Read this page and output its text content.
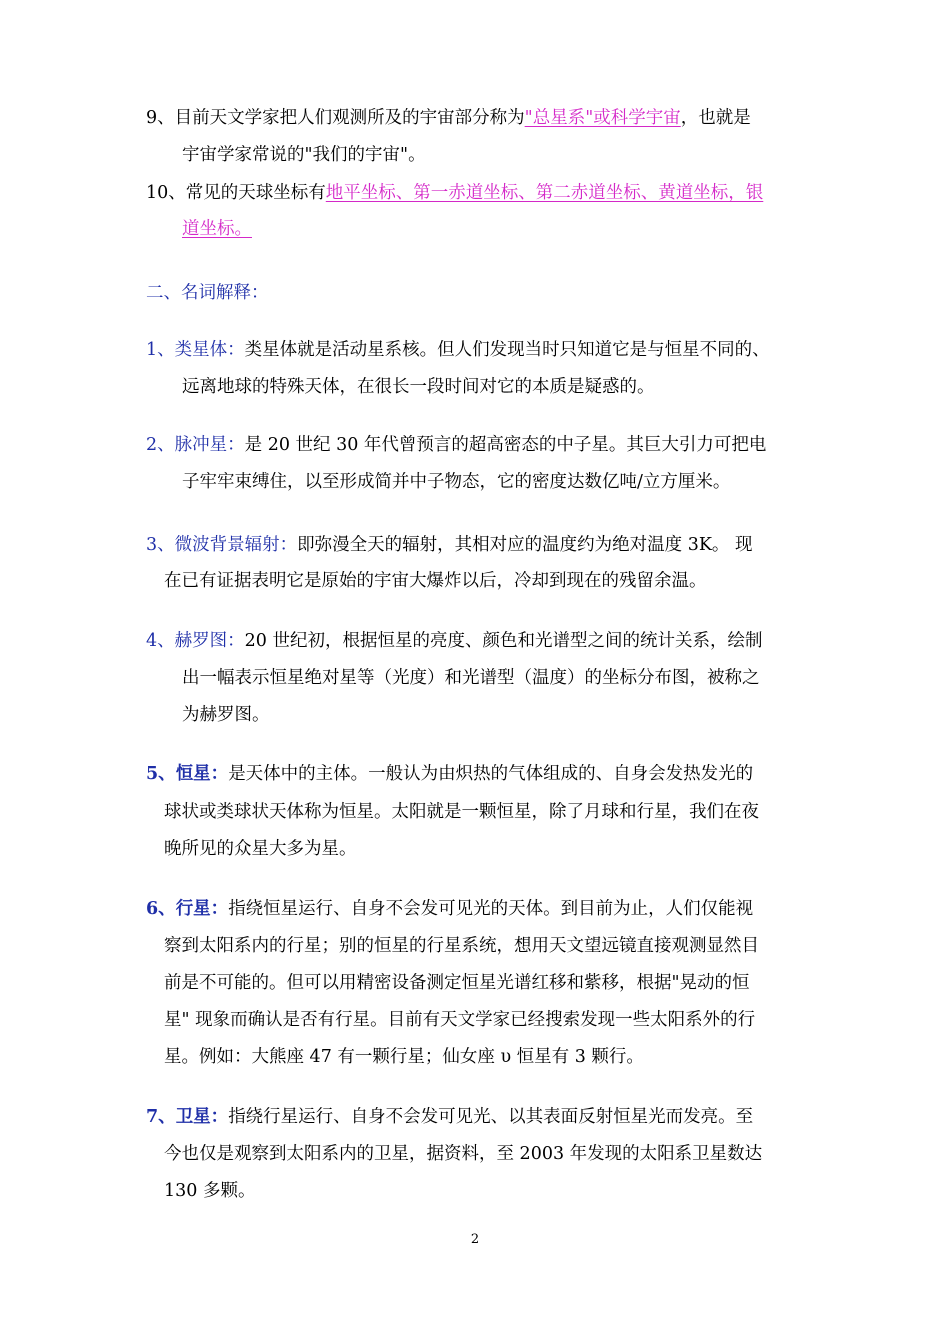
9、目前天文学家把人们观测所及的宇宙部分称为"总星系"或科学宇宙，也就是
宇宙学家常说的"我们的宇宙"。
10、常见的天球坐标有地平坐标、第一赤道坐标、第二赤道坐标、黄道坐标，银
道坐标。
二、名词解释：
1、类星体：类星体就是活动星系核。但人们发现当时只知道它是与恒星不同的、
远离地球的特殊天体，在很长一段时间对它的本质是疑惑的。
2、脉冲星：是 20 世纪 30 年代曾预言的超高密态的中子星。其巨大引力可把电
子牢牢束缚住，以至形成简并中子物态，它的密度达数亿吨/立方厘米。
3、微波背景辐射：即弥漫全天的辐射，其相对应的温度约为绝对温度 3K。 现
在已有证据表明它是原始的宇宙大爆炸以后，冷却到现在的残留余温。
4、赫罗图：20 世纪初，根据恒星的亮度、颜色和光谱型之间的统计关系，绘制
出一幅表示恒星绝对星等（光度）和光谱型（温度）的坐标分布图，被称之
为赫罗图。
5、恒星：是天体中的主体。一般认为由炽热的气体组成的、自身会发热发光的
球状或类球状天体称为恒星。太阳就是一颗恒星，除了月球和行星，我们在夜
晚所见的众星大多为星。
6、行星：指绕恒星运行、自身不会发可见光的天体。到目前为止，人们仅能视
察到太阳系内的行星；别的恒星的行星系统，想用天文望远镜直接观测显然目
前是不可能的。但可以用精密设备测定恒星光谱红移和紫移，根据"晃动的恒
星" 现象而确认是否有行星。目前有天文学家已经搜索发现一些太阳系外的行
星。例如：大熊座 47 有一颗行星；仙女座 υ 恒星有 3 颗行。
7、卫星：指绕行星运行、自身不会发可见光、以其表面反射恒星光而发亮。至
今也仅是观察到太阳系内的卫星，据资料，至 2003 年发现的太阳系卫星数达
130 多颗。
2
